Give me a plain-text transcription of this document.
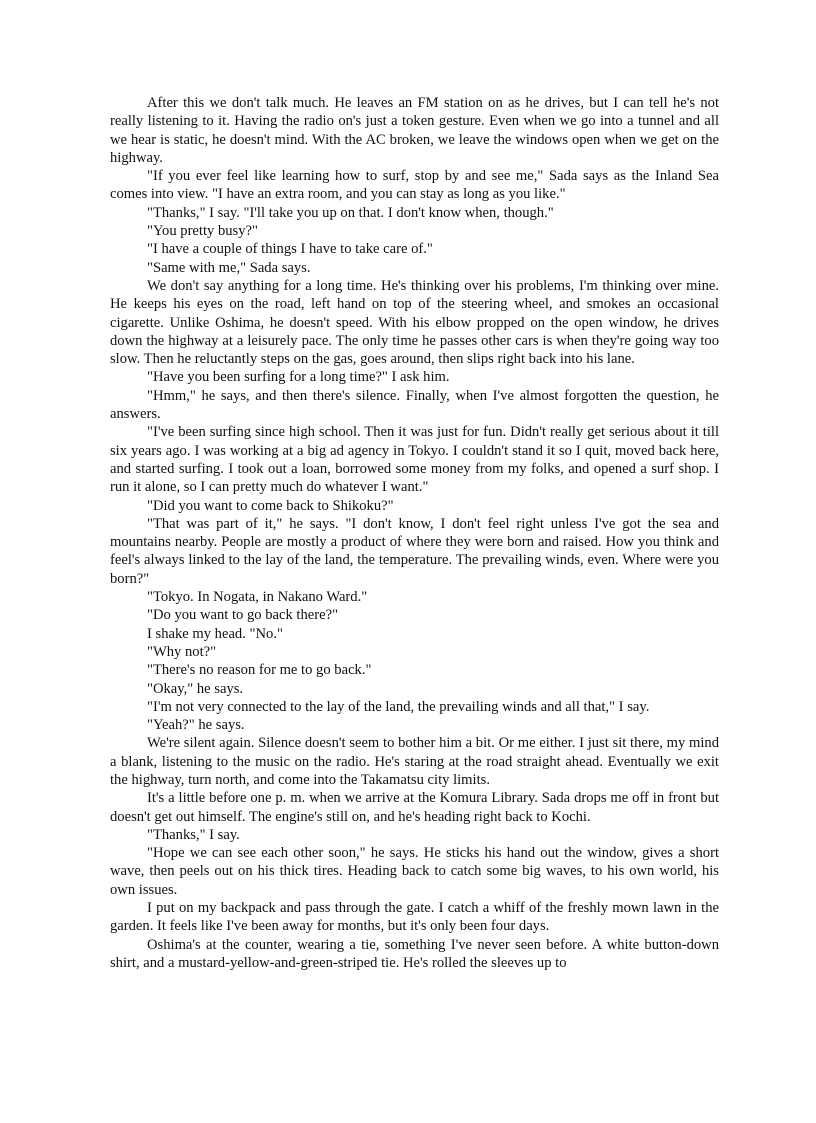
After this we don't talk much. He leaves an FM station on as he drives, but I can tell he's not really listening to it. Having the radio on's just a token gesture. Even when we go into a tunnel and all we hear is static, he doesn't mind. With the AC broken, we leave the windows open when we get on the highway.

"If you ever feel like learning how to surf, stop by and see me," Sada says as the Inland Sea comes into view. "I have an extra room, and you can stay as long as you like."

"Thanks," I say. "I'll take you up on that. I don't know when, though."

"You pretty busy?"

"I have a couple of things I have to take care of."

"Same with me," Sada says.

We don't say anything for a long time. He's thinking over his problems, I'm thinking over mine. He keeps his eyes on the road, left hand on top of the steering wheel, and smokes an occasional cigarette. Unlike Oshima, he doesn't speed. With his elbow propped on the open window, he drives down the highway at a leisurely pace. The only time he passes other cars is when they're going way too slow. Then he reluctantly steps on the gas, goes around, then slips right back into his lane.

"Have you been surfing for a long time?" I ask him.

"Hmm," he says, and then there's silence. Finally, when I've almost forgotten the question, he answers.

"I've been surfing since high school. Then it was just for fun. Didn't really get serious about it till six years ago. I was working at a big ad agency in Tokyo. I couldn't stand it so I quit, moved back here, and started surfing. I took out a loan, borrowed some money from my folks, and opened a surf shop. I run it alone, so I can pretty much do whatever I want."

"Did you want to come back to Shikoku?"

"That was part of it," he says. "I don't know, I don't feel right unless I've got the sea and mountains nearby. People are mostly a product of where they were born and raised. How you think and feel's always linked to the lay of the land, the temperature. The prevailing winds, even. Where were you born?"

"Tokyo. In Nogata, in Nakano Ward."

"Do you want to go back there?"

I shake my head. "No."

"Why not?"

"There's no reason for me to go back."

"Okay," he says.

"I'm not very connected to the lay of the land, the prevailing winds and all that," I say.

"Yeah?" he says.

We're silent again. Silence doesn't seem to bother him a bit. Or me either. I just sit there, my mind a blank, listening to the music on the radio. He's staring at the road straight ahead. Eventually we exit the highway, turn north, and come into the Takamatsu city limits.

It's a little before one p. m. when we arrive at the Komura Library. Sada drops me off in front but doesn't get out himself. The engine's still on, and he's heading right back to Kochi.

"Thanks," I say.

"Hope we can see each other soon," he says. He sticks his hand out the window, gives a short wave, then peels out on his thick tires. Heading back to catch some big waves, to his own world, his own issues.

I put on my backpack and pass through the gate. I catch a whiff of the freshly mown lawn in the garden. It feels like I've been away for months, but it's only been four days.

Oshima's at the counter, wearing a tie, something I've never seen before. A white button-down shirt, and a mustard-yellow-and-green-striped tie. He's rolled the sleeves up to
